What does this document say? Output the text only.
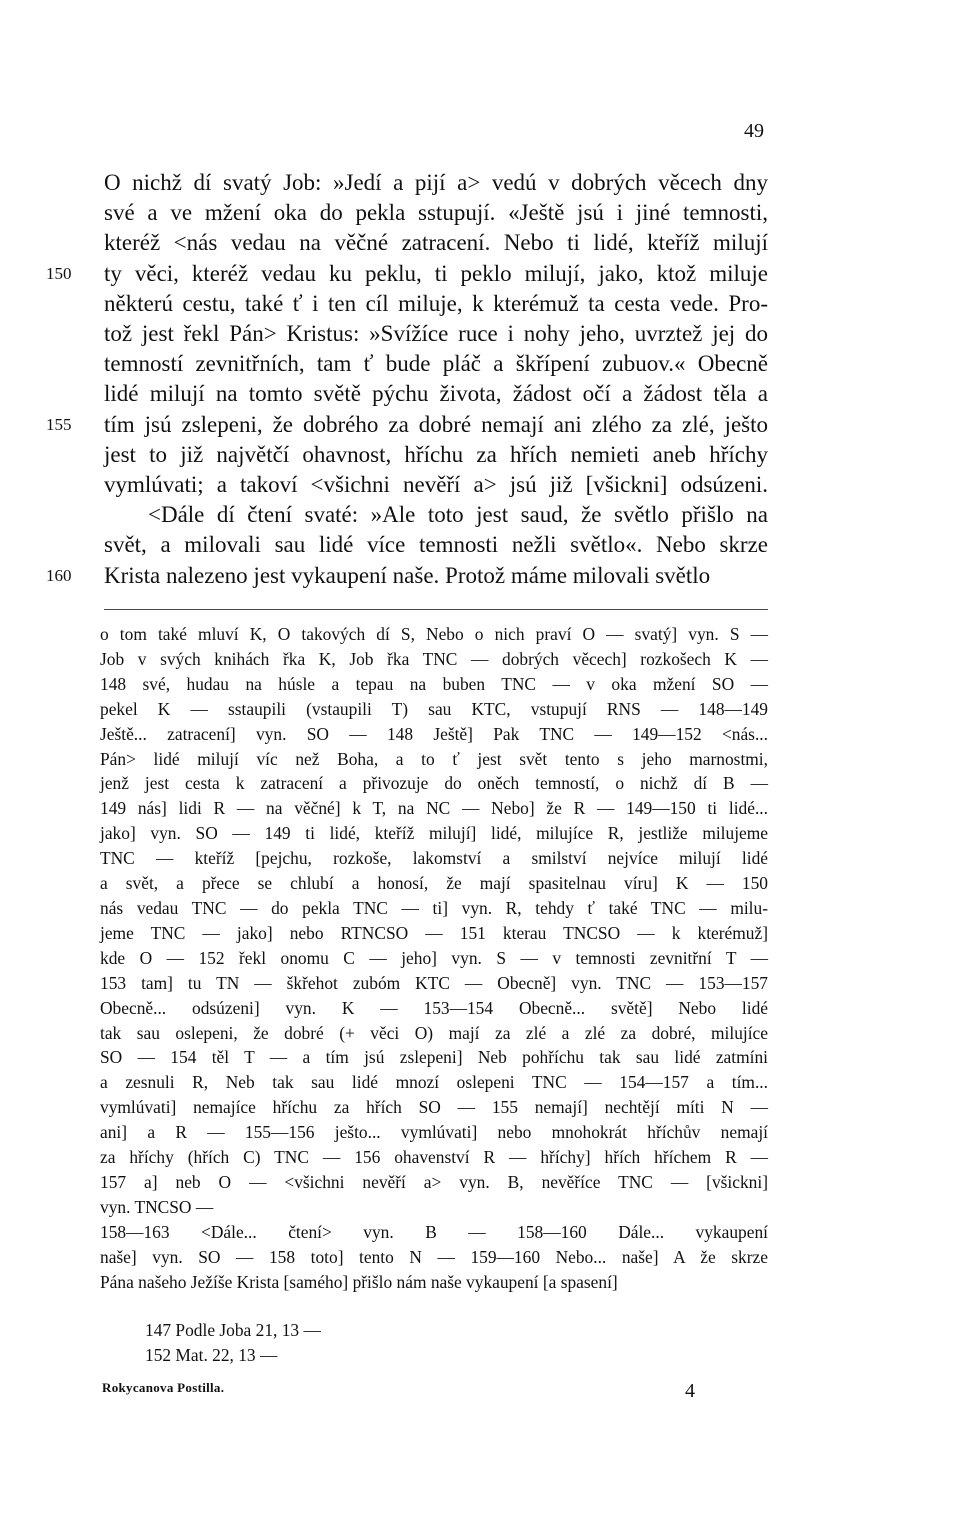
49
O nichž dí svatý Job: »Jedí a pijí a> vedú v dobrých věcech dny
své a ve mžení oka do pekla sstupují. «Ještě jsú i jiné temnosti,
kteréž <nás vedau na věčné zatracení. Nebo ti lidé, kteříž milují
150	ty věci, kteréž vedau ku peklu, ti peklo milují, jako, ktož miluje
některú cestu, také ť i ten cíl miluje, k kterémuž ta cesta vede. Pro-
tož jest řekl Pán> Kristus: »Svížíce ruce i nohy jeho, uvrztež jej do
temností zevnitřních, tam ť bude pláč a škřípení zubuov.« Obecně
lidé milují na tomto světě pýchu života, žádost očí a žádost těla a
155	tím jsú zslepeni, že dobrého za dobré nemají ani zlého za zlé, ješto
jest to již najvětčí ohavnost, hříchu za hřích nemieti aneb hříchy
vymlúvati; a takoví <všichni nevěří a> jsú již [všickni] odsúzeni.
<Dále dí čtení svaté: »Ale toto jest saud, že světlo přišlo na
svět, a milovali sau lidé více temnosti nežli světlo«. Nebo skrze
160	Krista nalezeno jest vykaupení naše. Protož máme milovali světlo
o tom také mluví K, O takových dí S, Nebo o nich praví O — svatý] vyn. S —
Job v svých knihách řka K, Job řka TNC — dobrých věcech] rozkošech K —
148 své, hudau na húsle a tepau na buben TNC — v oka mžení SO —
pekel K — sstaupili (vstaupili T) sau KTC, vstupují RNS — 148—149
Ještě... zatracení] vyn. SO — 148 Ještě] Pak TNC — 149—152 <nás...
Pán> lidé milují víc než Boha, a to ť jest svět tento s jeho marnostmi,
jenž jest cesta k zatracení a přivozuje do oněch temností, o nichž dí B —
149 nás] lidi R — na věčné] k T, na NC — Nebo] že R — 149—150 ti lidé...
jako] vyn. SO — 149 ti lidé, kteříž milují] lidé, milujíce R, jestliže milujeme
TNC — kteříž [pejchu, rozkoše, lakomství a smilství nejvíce milují lidé
a svět, a přece se chlubí a honosí, že mají spasitelnau víru] K — 150
nás vedau TNC — do pekla TNC — ti] vyn. R, tehdy ť také TNC — milu-
jeme TNC — jako] nebo RTNCSO — 151 kterau TNCSO — k kterémuž]
kde O — 152 řekl onomu C — jeho] vyn. S — v temnosti zevnitřní T —
153 tam] tu TN — škřehot zubóm KTC — Obecně] vyn. TNC — 153—157
Obecně... odsúzeni] vyn. K — 153—154 Obecně... světě] Nebo lidé
tak sau oslepeni, že dobré (+ věci O) mají za zlé a zlé za dobré, milujíce
SO — 154 těl T — a tím jsú zslepeni] Neb pohříchu tak sau lidé zatmíni
a zesnuli R, Neb tak sau lidé mnozí oslepeni TNC — 154—157 a tím...
vymlúvati] nemajíce hříchu za hřích SO — 155 nemají] nechtějí míti N —
ani] a R — 155—156 ješto... vymlúvati] nebo mnohokrát hříchův nemají
za hříchy (hřích C) TNC — 156 ohavenství R — hříchy] hřích hříchem R —
157 a] neb O — <všichni nevěří a> vyn. B, nevěříce TNC — [všickni]
vyn. TNCSO —
158—163 <Dále... čtení> vyn. B — 158—160 Dále... vykaupení
naše] vyn. SO — 158 toto] tento N — 159—160 Nebo... naše] A že skrze
Pána našeho Ježíše Krista [samého] přišlo nám naše vykaupení [a spasení]
147 Podle Joba 21, 13 —
152 Mat. 22, 13 —
Rokycanova Postilla.	4
